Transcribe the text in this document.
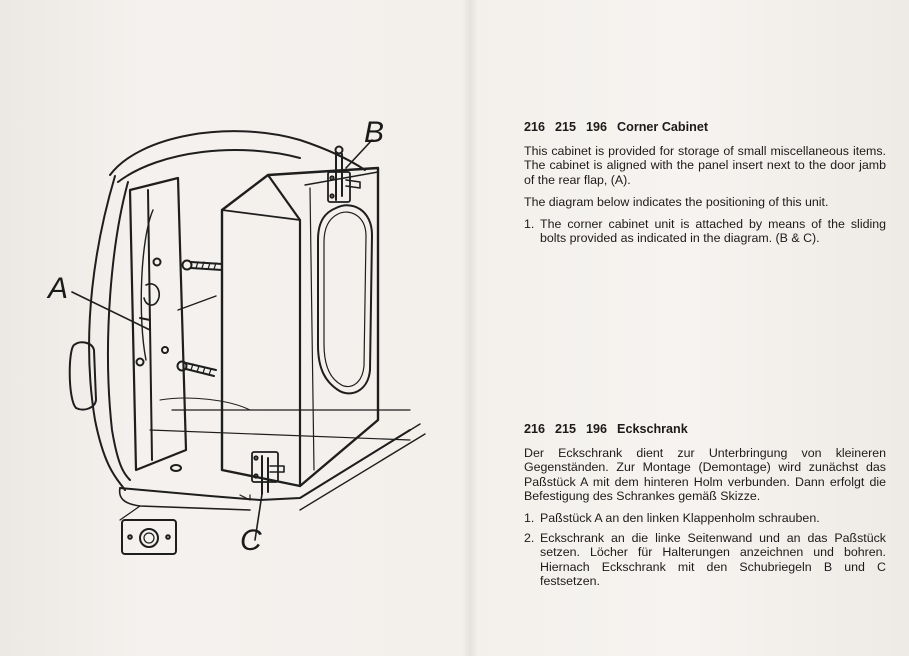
A
B
C
216 215 196 Corner Cabinet

This cabinet is provided for storage of small miscellaneous items. The cabinet is aligned with the panel insert next to the door jamb of the rear flap, (A).

The diagram below indicates the positioning of this unit.

1. The corner cabinet unit is attached by means of the sliding bolts provided as indicated in the diagram. (B & C).
216 215 196 Eckschrank

Der Eckschrank dient zur Unterbringung von kleineren Gegenständen. Zur Montage (Demontage) wird zunächst das Paßstück A mit dem hinteren Holm verbunden. Dann erfolgt die Befestigung des Schrankes gemäß Skizze.

1. Paßstück A an den linken Klappenholm schrauben.
2. Eckschrank an die linke Seitenwand und an das Paßstück setzen. Löcher für Halterungen anzeichnen und bohren. Hiernach Eckschrank mit den Schubriegeln B und C festsetzen.
